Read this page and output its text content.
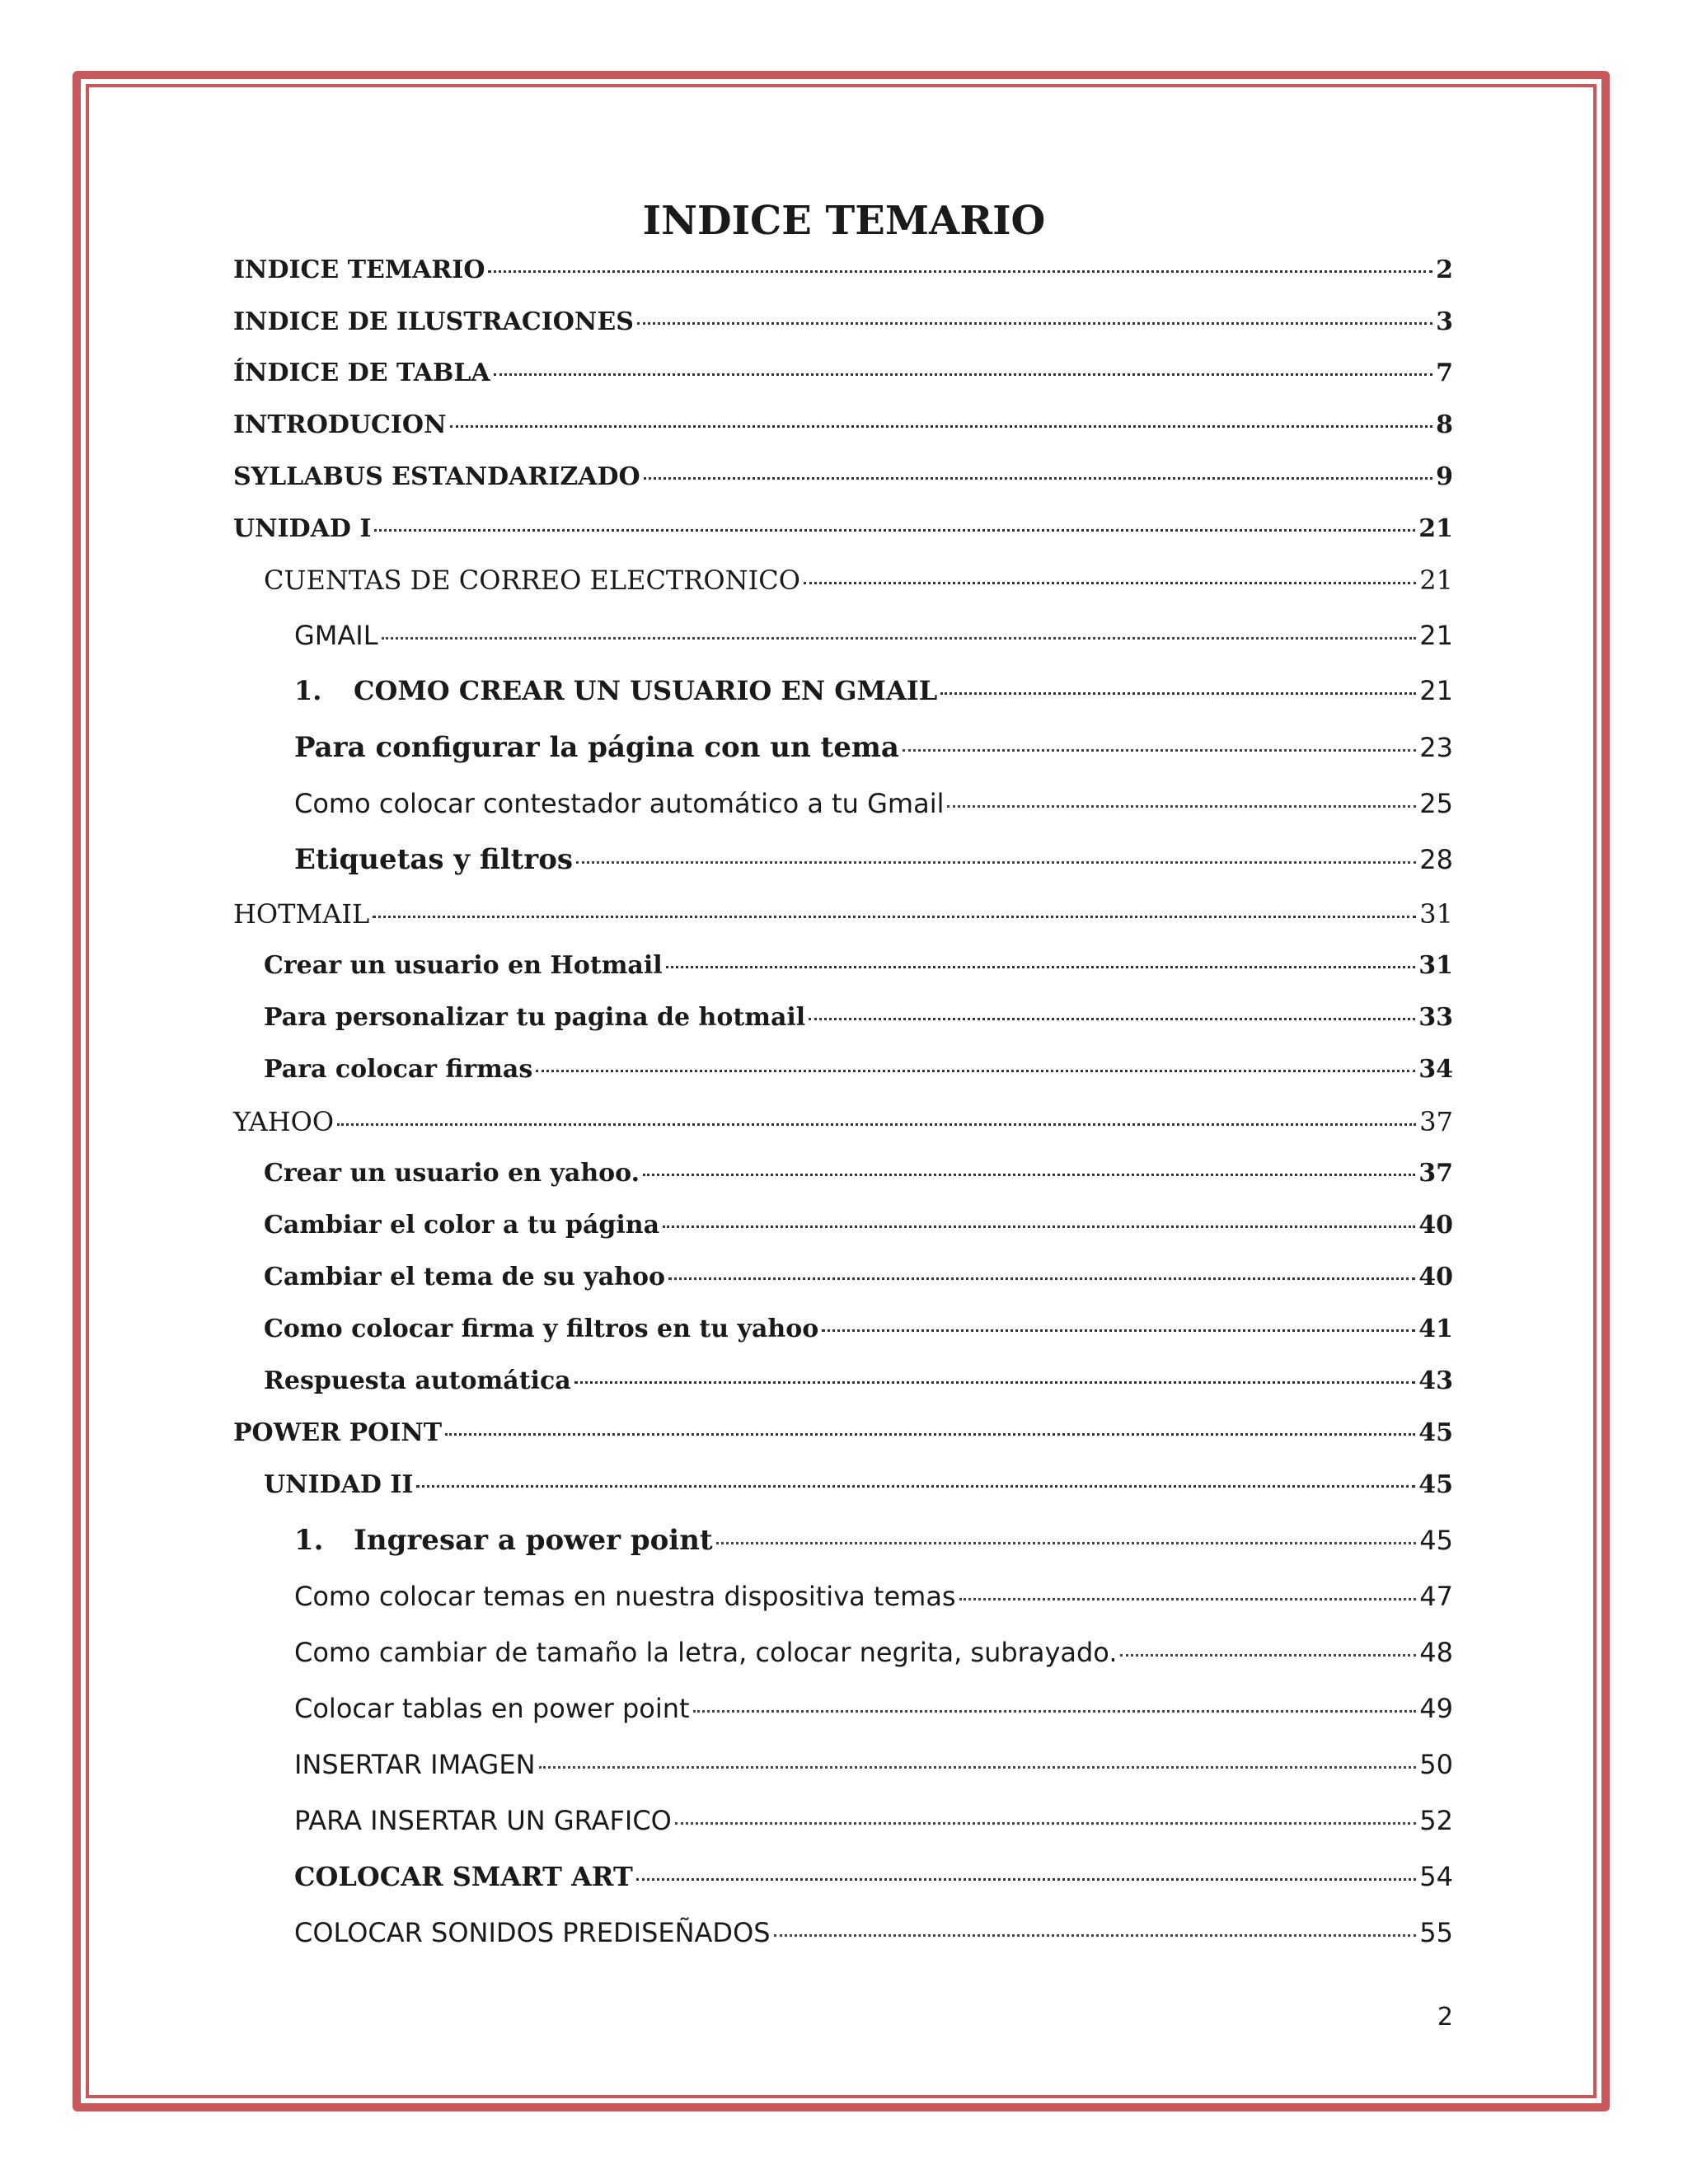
INDICE TEMARIO
INDICE TEMARIO	2
INDICE DE ILUSTRACIONES	3
ÍNDICE DE TABLA	7
INTRODUCION	8
SYLLABUS ESTANDARIZADO	9
UNIDAD I	21
CUENTAS DE CORREO ELECTRONICO	21
GMAIL	21
1.	COMO CREAR UN USUARIO EN GMAIL	21
Para configurar la página con un tema	23
Como colocar contestador automático a tu Gmail	25
Etiquetas y filtros	28
HOTMAIL	31
Crear un usuario en Hotmail	31
Para personalizar tu pagina de hotmail	33
Para colocar firmas	34
YAHOO	37
Crear un usuario en yahoo.	37
Cambiar el color a tu página	40
Cambiar el tema de su yahoo	40
Como colocar firma y filtros en tu yahoo	41
Respuesta automática	43
POWER POINT	45
UNIDAD II	45
1.	Ingresar a power point	45
Como colocar temas en nuestra dispositiva temas	47
Como cambiar de tamaño la letra, colocar negrita, subrayado.	48
Colocar tablas en power point	49
INSERTAR IMAGEN	50
PARA INSERTAR UN GRAFICO	52
COLOCAR SMART ART	54
COLOCAR SONIDOS PREDISEÑADOS	55
2
